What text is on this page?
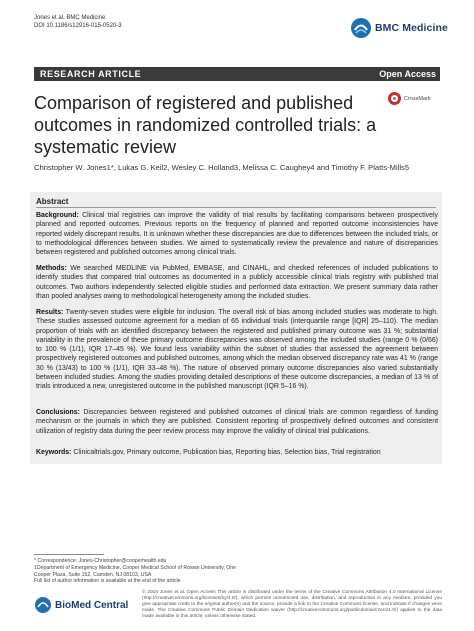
Jones et al. BMC Medicine
DOI 10.1186/s12916-015-0520-3	BMC Medicine
RESEARCH ARTICLE	Open Access
Comparison of registered and published outcomes in randomized controlled trials: a systematic review
CrossMark
Christopher W. Jones1*, Lukas G. Keil2, Wesley C. Holland3, Melissa C. Caughey4 and Timothy F. Platts-Mills5
Abstract
Background: Clinical trial registries can improve the validity of trial results by facilitating comparisons between prospectively planned and reported outcomes. Previous reports on the frequency of planned and reported outcome inconsistencies have reported widely discrepant results. It is unknown whether these discrepancies are due to differences between the included trials, or to methodological differences between studies. We aimed to systematically review the prevalence and nature of discrepancies between registered and published outcomes among clinical trials.
Methods: We searched MEDLINE via PubMed, EMBASE, and CINAHL, and checked references of included publications to identify studies that compared trial outcomes as documented in a publicly accessible clinical trials registry with published trial outcomes. Two authors independently selected eligible studies and performed data extraction. We present summary data rather than pooled analyses owing to methodological heterogeneity among the included studies.
Results: Twenty-seven studies were eligible for inclusion. The overall risk of bias among included studies was moderate to high. These studies assessed outcome agreement for a median of 65 individual trials (interquartile range [IQR] 25–110). The median proportion of trials with an identified discrepancy between the registered and published primary outcome was 31 %; substantial variability in the prevalence of these primary outcome discrepancies was observed among the included studies (range 0 % (0/66) to 100 % (1/1), IQR 17–45 %). We found less variability within the subset of studies that assessed the agreement between prospectively registered outcomes and published outcomes, among which the median observed discrepancy rate was 41 % (range 30 % (13/43) to 100 % (1/1), IQR 33–48 %). The nature of observed primary outcome discrepancies also varied substantially between included studies. Among the studies providing detailed descriptions of these outcome discrepancies, a median of 13 % of trials introduced a new, unregistered outcome in the published manuscript (IQR 5–16 %).
Conclusions: Discrepancies between registered and published outcomes of clinical trials are common regardless of funding mechanism or the journals in which they are published. Consistent reporting of prospectively defined outcomes and consistent utilization of registry data during the peer review process may improve the validity of clinical trial publications.
Keywords: Clinicaltrials.gov, Primary outcome, Publication bias, Reporting bias, Selection bias, Trial registration
* Correspondence: Jones-Christopher@cooperhealth.edu
1Department of Emergency Medicine, Cooper Medical School of Rowan University, One Cooper Plaza, Suite 152, Camden, NJ 08103, USA
Full list of author information is available at the end of the article
BioMed Central
© 2015 Jones et al. Open Access This article is distributed under the terms of the Creative Commons Attribution 4.0 International License (http://creativecommons.org/licenses/by/4.0/), which permits unrestricted use, distribution, and reproduction in any medium, provided you give appropriate credit to the original author(s) and the source, provide a link to the Creative Commons license, and indicate if changes were made. The Creative Commons Public Domain Dedication waiver (http://creativecommons.org/publicdomain/zero/1.0/) applies to the data made available in this article, unless otherwise stated.
